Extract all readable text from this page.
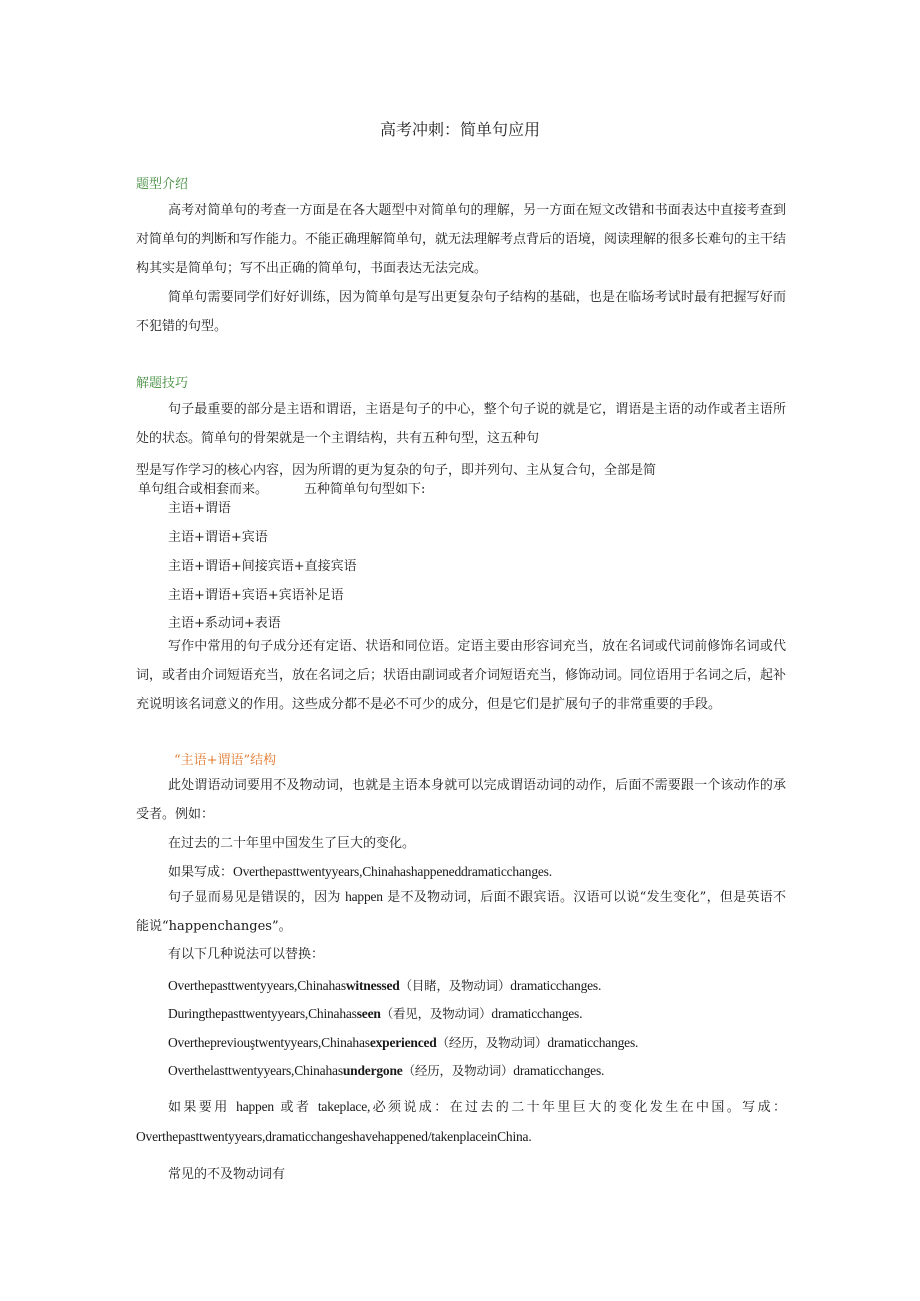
高考冲刺：简单句应用
题型介绍

高考对简单句的考查一方面是在各大题型中对简单句的理解，另一方面在短文改错和书面表达中直接考查到对简单句的判断和写作能力。不能正确理解简单句，就无法理解考点背后的语境，阅读理解的很多长难句的主干结构其实是简单句；写不出正确的简单句，书面表达无法完成。

简单句需要同学们好好训练，因为简单句是写出更复杂句子结构的基础，也是在临场考试时最有把握写好而不犯错的句型。

解题技巧

句子最重要的部分是主语和谓语，主语是句子的中心，整个句子说的就是它，谓语是主语的动作或者主语所处的状态。简单句的骨架就是一个主谓结构，共有五种句型，这五种句

型是写作学习的核心内容，因为所谓的更为复杂的句子，即并列句、主从复合句，全部是简

单句组合或相套而来。	五种简单句句型如下:

主语+谓语

主语+谓语+宾语

主语+谓语+间接宾语+直接宾语

主语+谓语+宾语+宾语补足语

主语+系动词+表语

写作中常用的句子成分还有定语、状语和同位语。定语主要由形容词充当，放在名词或代词前修饰名词或代词，或者由介词短语充当，放在名词之后；状语由副词或者介词短语充当，修饰动词。同位语用于名词之后，起补充说明该名词意义的作用。这些成分都不是必不可少的成分，但是它们是扩展句子的非常重要的手段。

“主语+谓语”结构

此处谓语动词要用不及物动词，也就是主语本身就可以完成谓语动词的动作，后面不需要跟一个该动作的承受者。例如：

在过去的二十年里中国发生了巨大的变化。

如果写成：Overthepasttwentyyears,Chinahashappeneddramaticchanges.

句子显而易见是错误的，因为 happen 是不及物动词，后面不跟宾语。汉语可以说“发生变化”，但是英语不能说“happenchanges”。

有以下几种说法可以替换：

Overthepasttwentyyears,Chinahaswitnessed（目睹，及物动词）dramaticchanges.

Duringthepasttwentyyears,Chinahasseen（看见，及物动词）dramaticchanges.

Overthepreviouştwentyyears,Chinahasexperienced（经历，及物动词）dramaticchanges.

Overthelasttwentyyears,Chinahasundergone（经历，及物动词）dramaticchanges.

如果要用 happen 或者 takeplace,必须说成：在过去的二十年里巨大的变化发生在中国。写成： Overthepasttwentyyears,dramaticchangeshavehappened/takenplaceinChina.

常见的不及物动词有
